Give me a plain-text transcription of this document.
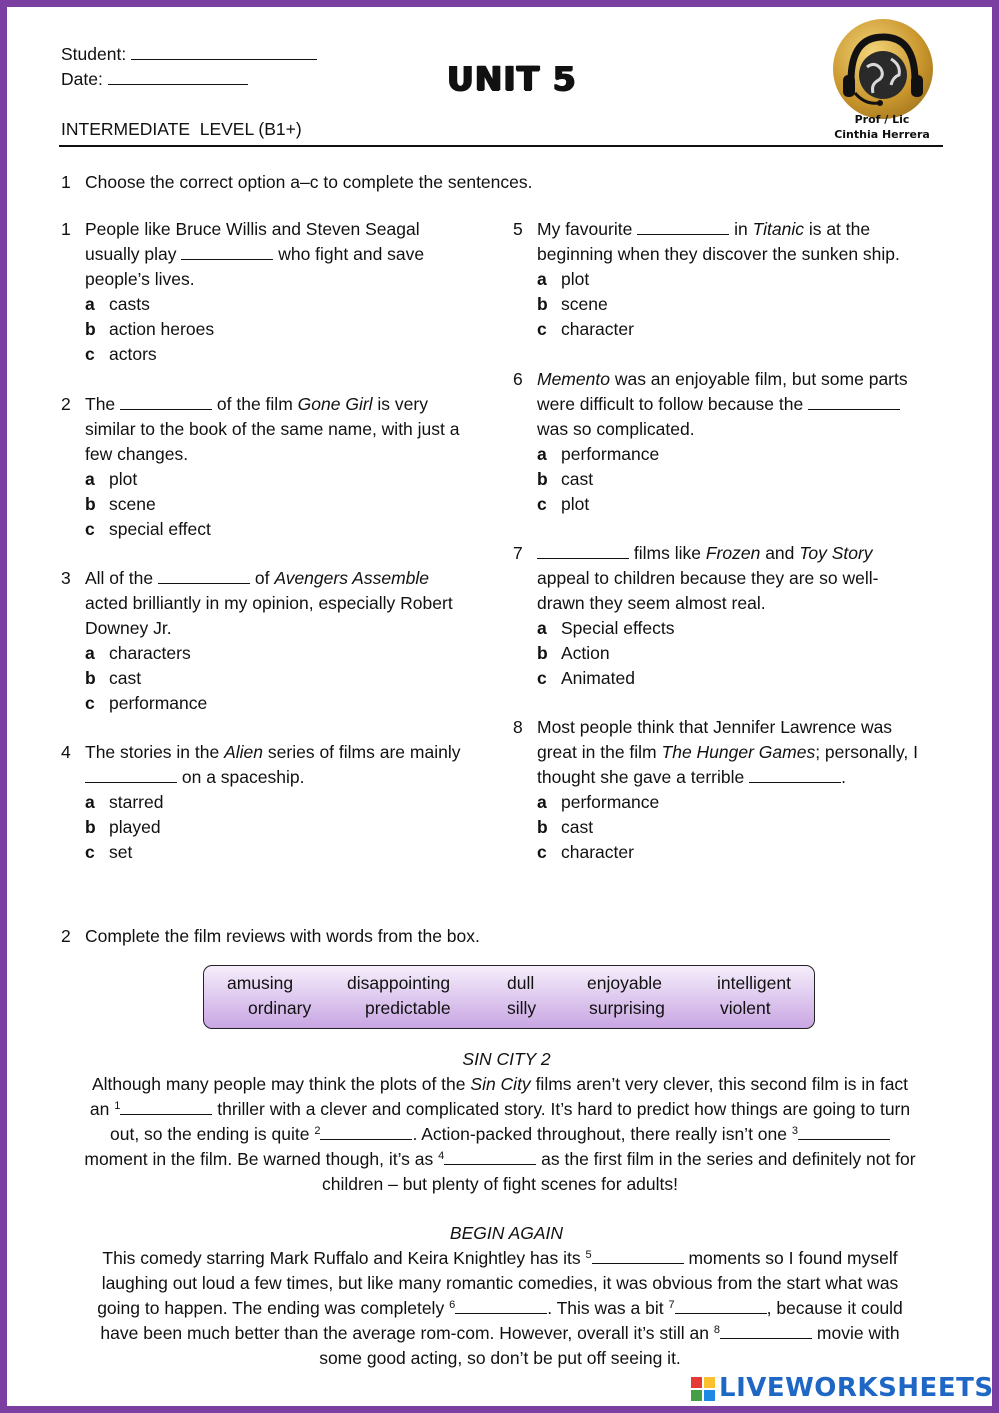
Student:
Date:	UNIT 5
INTERMEDIATE  LEVEL (B1+)	Prof / Lic
Cinthia Herrera
1 Choose the correct option a–c to complete the sentences.
1 People like Bruce Willis and Steven Seagal
usually play	who fight and save
people’s lives.
a casts
b action heroes
c actors
2 The	of the film Gone Girl is very
similar to the book of the same name, with just a
few changes.
a plot
b scene
c special effect
3 All of the	of Avengers Assemble
acted brilliantly in my opinion, especially Robert
Downey Jr.
a characters
b cast
c performance
4 The stories in the Alien series of films are mainly
on a spaceship.
a starred
b played
c set
5 My favourite	in Titanic is at the
beginning when they discover the sunken ship.
a plot
b scene
c character
6 Memento was an enjoyable film, but some parts
were difficult to follow because the
was so complicated.
a performance
b cast
c plot
7	films like Frozen and Toy Story
appeal to children because they are so well-
drawn they seem almost real.
a Special effects
b Action
c Animated
8 Most people think that Jennifer Lawrence was
great in the film The Hunger Games; personally, I
thought she gave a terrible	.
a performance
b cast
c character
2 Complete the film reviews with words from the box.
amusing	disappointing	dull	enjoyable	intelligent
ordinary	predictable	silly	surprising	violent
SIN CITY 2
Although many people may think the plots of the Sin City films aren’t very clever, this second film is in fact
an $^1$	thriller with a clever and complicated story. It’s hard to predict how things are going to turn
out, so the ending is quite $^2$	. Action-packed throughout, there really isn’t one $^3$
moment in the film. Be warned though, it’s as $^4$	as the first film in the series and definitely not for
children – but plenty of fight scenes for adults!
BEGIN AGAIN
This comedy starring Mark Ruffalo and Keira Knightley has its $^5$	moments so I found myself
laughing out loud a few times, but like many romantic comedies, it was obvious from the start what was
going to happen. The ending was completely $^6$	. This was a bit $^7$	, because it could
have been much better than the average rom-com. However, overall it’s still an $^8$	movie with
some good acting, so don’t be put off seeing it.
LIVEWORKSHEETS
